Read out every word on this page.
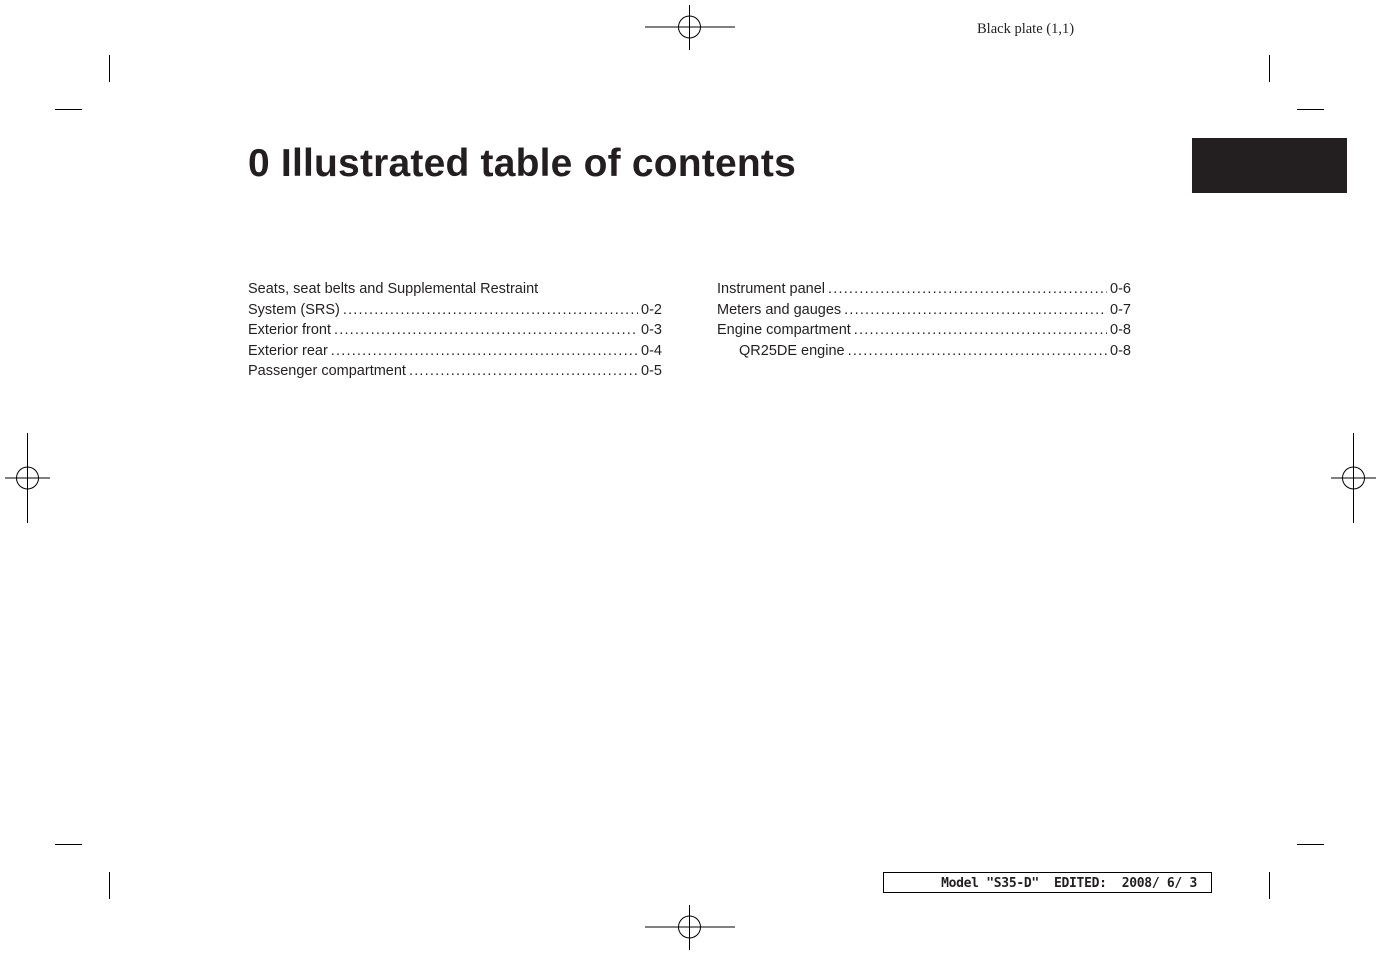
Black plate (1,1)
0 Illustrated table of contents
Seats, seat belts and Supplemental Restraint
System (SRS) .....	0-2
Exterior front .....	0-3
Exterior rear .....	0-4
Passenger compartment .....	0-5
Instrument panel .....	0-6
Meters and gauges .....	0-7
Engine compartment .....	0-8
QR25DE engine .....	0-8
Model "S35-D"  EDITED:  2008/ 6/ 3
